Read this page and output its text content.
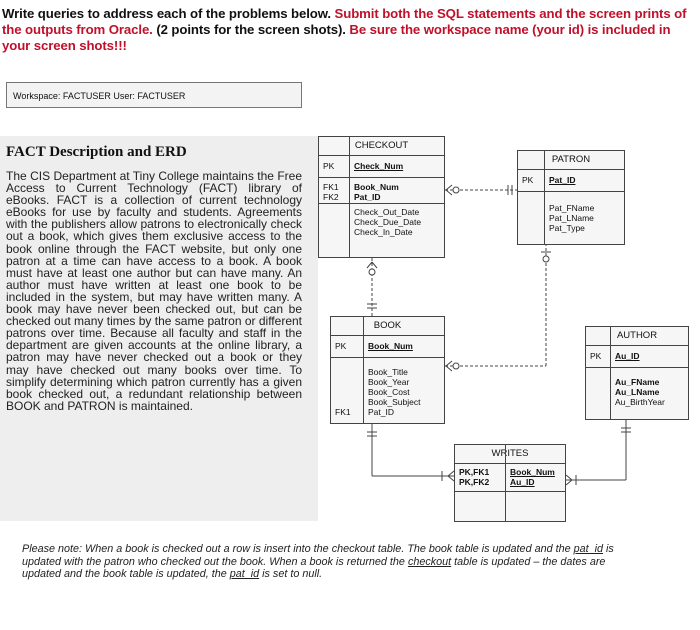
Write queries to address each of the problems below. Submit both the SQL statements and the screen prints of the outputs from Oracle. (2 points for the screen shots). Be sure the workspace name (your id) is included in your screen shots!!!
Workspace: FACTUSER User: FACTUSER
FACT Description and ERD
The CIS Department at Tiny College maintains the Free Access to Current Technology (FACT) library of eBooks. FACT is a collection of current technology eBooks for use by faculty and students. Agreements with the publishers allow patrons to electronically check out a book, which gives them exclusive access to the book online through the FACT website, but only one patron at a time can have access to a book. A book must have at least one author but can have many. An author must have written at least one book to be included in the system, but may have written many. A book may have never been checked out, but can be checked out many times by the same patron or different patrons over time. Because all faculty and staff in the department are given accounts at the online library, a patron may have never checked out a book or they may have checked out many books over time. To simplify determining which patron currently has a given book checked out, a redundant relationship between BOOK and PATRON is maintained.
CHECKOUT
PK Check_Num
FK1
FK2
Book_Num
Pat_ID
Check_Out_Date
Check_Due_Date
Check_In_Date
PATRON
PK Pat_ID
Pat_FName
Pat_LName
Pat_Type
BOOK
PK	Book_Num
Book_Title
Book_Year
Book_Cost
Book_Subject
FK1 Pat_ID
AUTHOR
PK Au_ID
Au_FName
Au_LName
Au_BirthYear
WRITES
PK,FK1
PK,FK2
Book_Num
Au_ID
Please note: When a book is checked out a row is insert into the checkout table. The book table is updated and the pat_id is updated with the patron who checked out the book. When a book is returned the checkout table is updated – the dates are updated and the book table is updated, the pat_id is set to null.
